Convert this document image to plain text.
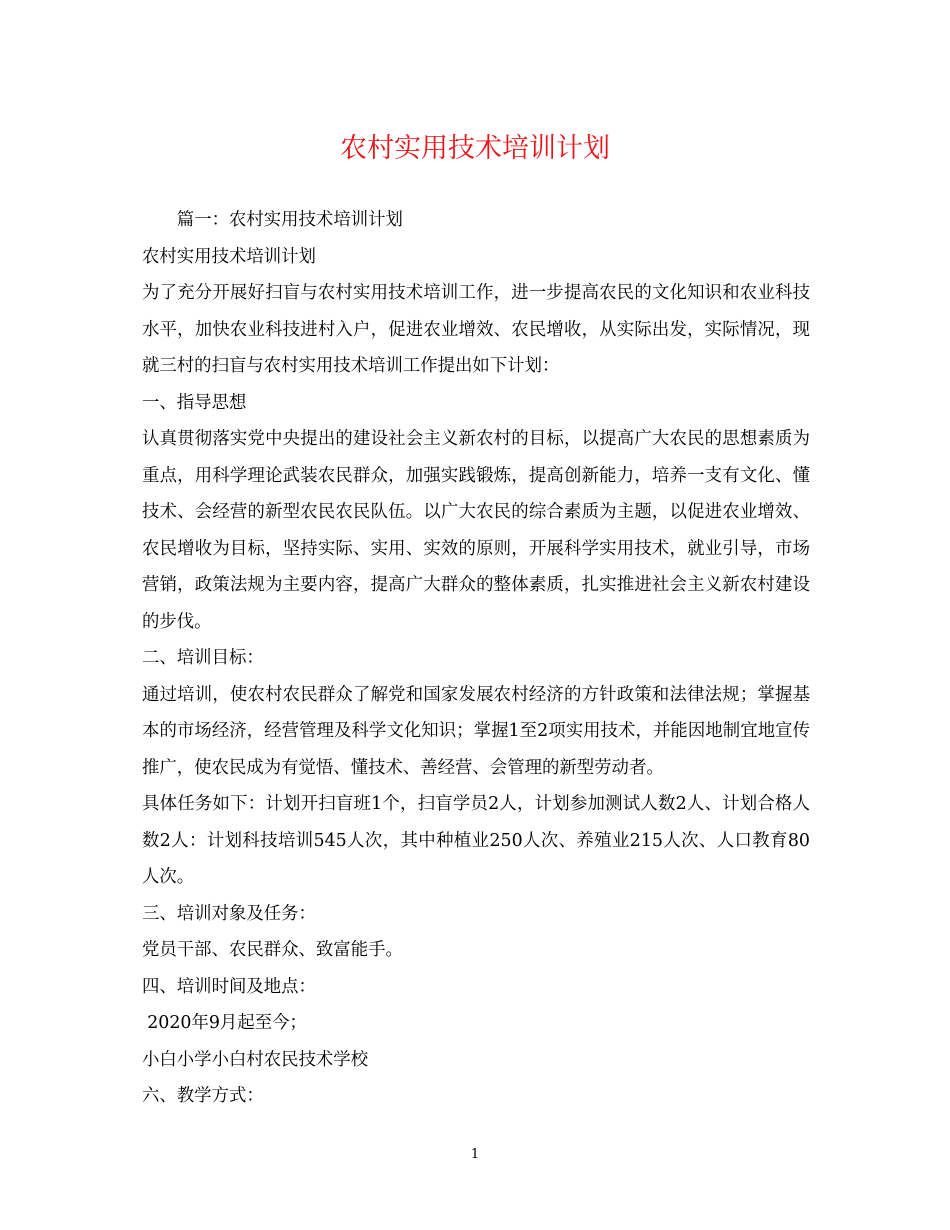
农村实用技术培训计划

篇一：农村实用技术培训计划

农村实用技术培训计划

为了充分开展好扫盲与农村实用技术培训工作，进一步提高农民的文化知识和农业科技水平，加快农业科技进村入户，促进农业增效、农民增收，从实际出发，实际情况，现就三村的扫盲与农村实用技术培训工作提出如下计划：

一、指导思想

认真贯彻落实党中央提出的建设社会主义新农村的目标，以提高广大农民的思想素质为重点，用科学理论武装农民群众，加强实践锻炼，提高创新能力，培养一支有文化、懂技术、会经营的新型农民农民队伍。以广大农民的综合素质为主题，以促进农业增效、农民增收为目标，坚持实际、实用、实效的原则，开展科学实用技术，就业引导，市场营销，政策法规为主要内容，提高广大群众的整体素质，扎实推进社会主义新农村建设的步伐。

二、培训目标：

通过培训，使农村农民群众了解党和国家发展农村经济的方针政策和法律法规；掌握基本的市场经济，经营管理及科学文化知识；掌握1至2项实用技术，并能因地制宜地宣传推广，使农民成为有觉悟、懂技术、善经营、会管理的新型劳动者。

具体任务如下：计划开扫盲班1个，扫盲学员2人，计划参加测试人数2人、计划合格人数2人：计划科技培训545人次，其中种植业250人次、养殖业215人次、人口教育80人次。

三、培训对象及任务：

党员干部、农民群众、致富能手。

四、培训时间及地点：

2020年9月起至今；

小白小学小白村农民技术学校

六、教学方式：

1
